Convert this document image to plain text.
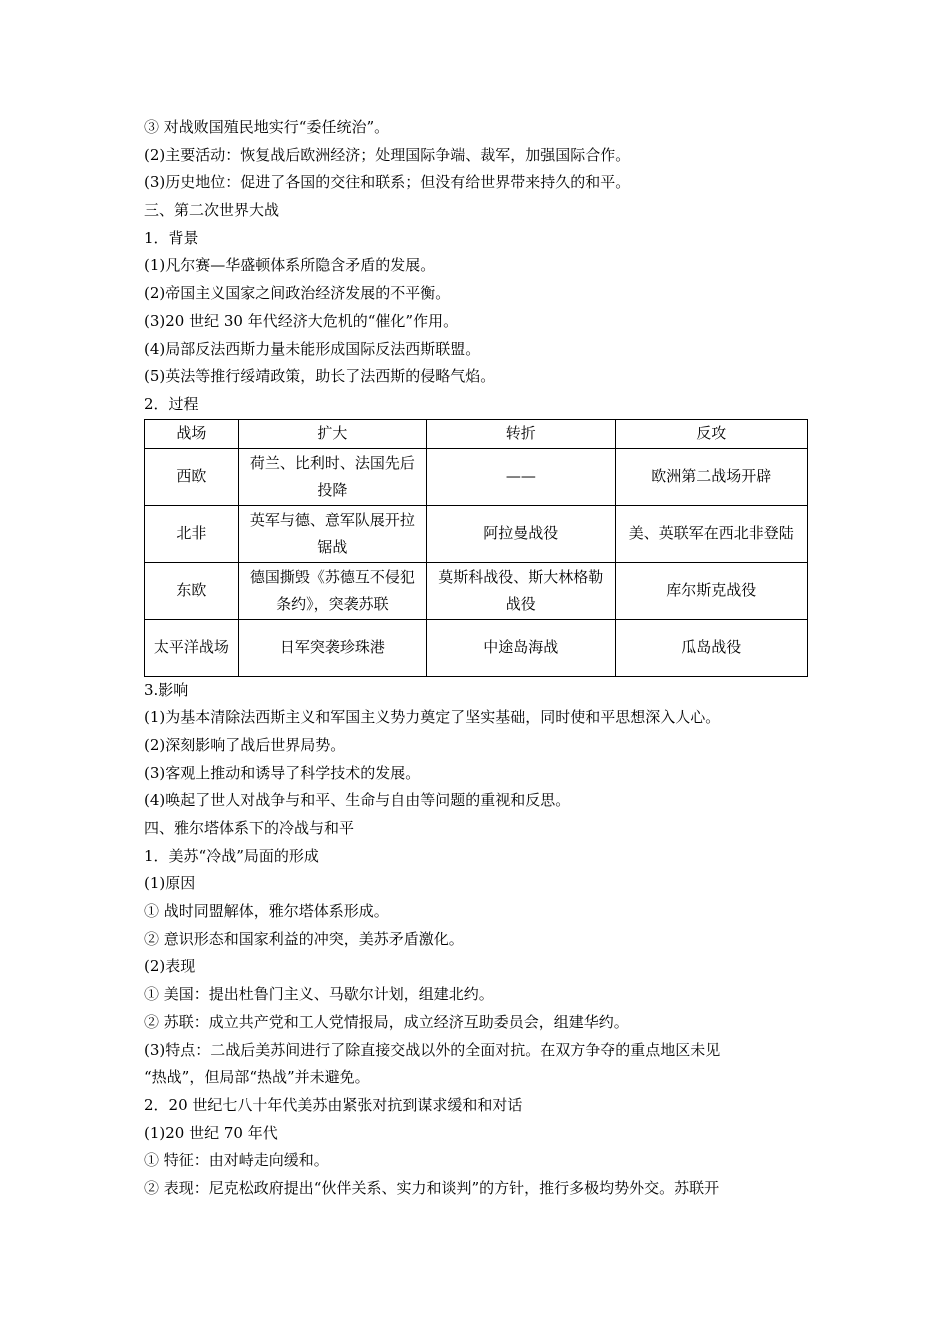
③ 对战败国殖民地实行“委任统治”。
(2)主要活动：恢复战后欧洲经济；处理国际争端、裁军，加强国际合作。
(3)历史地位：促进了各国的交往和联系；但没有给世界带来持久的和平。
三、第二次世界大战
1．背景
(1)凡尔赛—华盛顿体系所隐含矛盾的发展。
(2)帝国主义国家之间政治经济发展的不平衡。
(3)20 世纪 30 年代经济大危机的“催化”作用。
(4)局部反法西斯力量未能形成国际反法西斯联盟。
(5)英法等推行绥靖政策，助长了法西斯的侵略气焰。
2．过程
战场	扩大	转折	反攻
西欧	荷兰、比利时、法国先后投降	——	欧洲第二战场开辟
北非	英军与德、意军队展开拉锯战	阿拉曼战役	美、英联军在西北非登陆
东欧	德国撕毁《苏德互不侵犯条约》，突袭苏联	莫斯科战役、斯大林格勒战役	库尔斯克战役
太平洋战场	日军突袭珍珠港	中途岛海战	瓜岛战役
3.影响
(1)为基本清除法西斯主义和军国主义势力奠定了坚实基础，同时使和平思想深入人心。
(2)深刻影响了战后世界局势。
(3)客观上推动和诱导了科学技术的发展。
(4)唤起了世人对战争与和平、生命与自由等问题的重视和反思。
四、雅尔塔体系下的冷战与和平
1．美苏“冷战”局面的形成
(1)原因
① 战时同盟解体，雅尔塔体系形成。
② 意识形态和国家利益的冲突，美苏矛盾激化。
(2)表现
① 美国：提出杜鲁门主义、马歇尔计划，组建北约。
② 苏联：成立共产党和工人党情报局，成立经济互助委员会，组建华约。
(3)特点：二战后美苏间进行了除直接交战以外的全面对抗。在双方争夺的重点地区未见
“热战”，但局部“热战”并未避免。
2．20 世纪七八十年代美苏由紧张对抗到谋求缓和和对话
(1)20 世纪 70 年代
① 特征：由对峙走向缓和。
② 表现：尼克松政府提出“伙伴关系、实力和谈判”的方针，推行多极均势外交。苏联开
